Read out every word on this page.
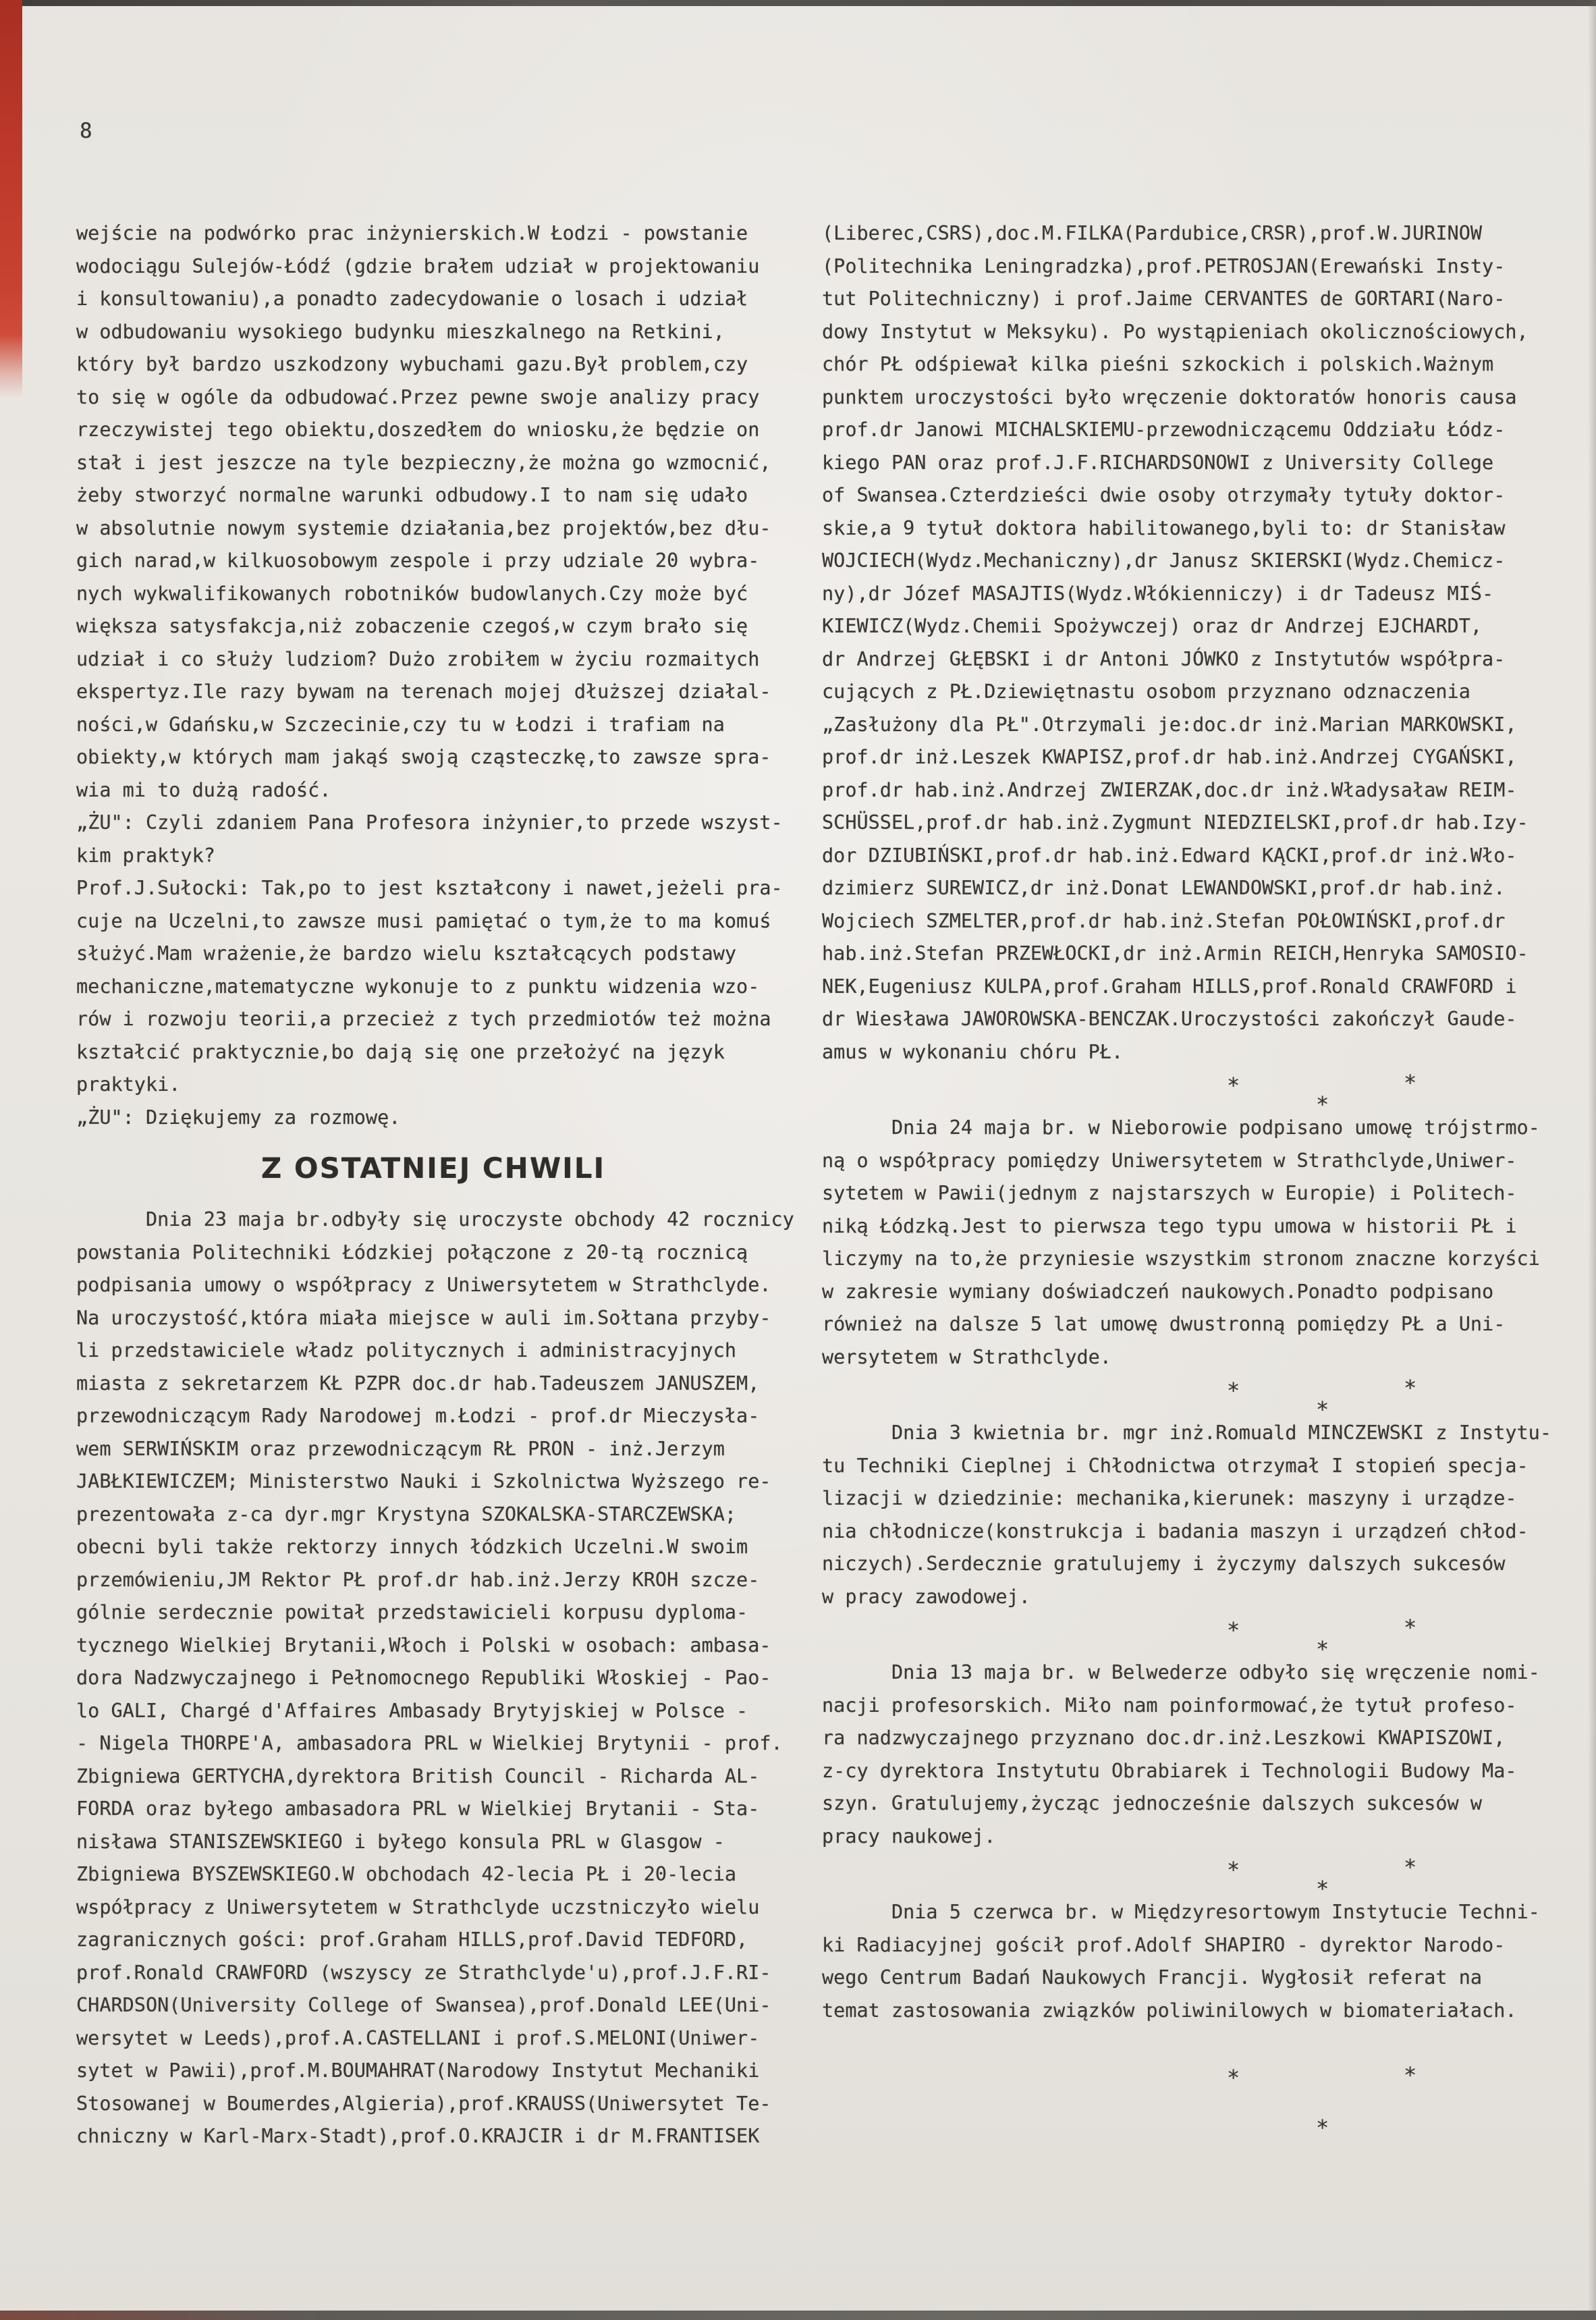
8
wejście na podwórko prac inżynierskich.W Łodzi - powstanie
wodociągu Sulejów-Łódź (gdzie brałem udział w projektowaniu
i konsultowaniu),a ponadto zadecydowanie o losach i udział
w odbudowaniu wysokiego budynku mieszkalnego na Retkini,
który był bardzo uszkodzony wybuchami gazu.Był problem,czy
to się w ogóle da odbudować.Przez pewne swoje analizy pracy
rzeczywistej tego obiektu,doszedłem do wniosku,że będzie on
stał i jest jeszcze na tyle bezpieczny,że można go wzmocnić,
żeby stworzyć normalne warunki odbudowy.I to nam się udało
w absolutnie nowym systemie działania,bez projektów,bez dłu-
gich narad,w kilkuosobowym zespole i przy udziale 20 wybra-
nych wykwalifikowanych robotników budowlanych.Czy może być
większa satysfakcja,niż zobaczenie czegoś,w czym brało się
udział i co służy ludziom? Dużo zrobiłem w życiu rozmaitych
ekspertyz.Ile razy bywam na terenach mojej dłuższej działal-
ności,w Gdańsku,w Szczecinie,czy tu w Łodzi i trafiam na
obiekty,w których mam jakąś swoją cząsteczkę,to zawsze spra-
wia mi to dużą radość.
„ŻU": Czyli zdaniem Pana Profesora inżynier,to przede wszyst-
kim praktyk?
Prof.J.Sułocki: Tak,po to jest kształcony i nawet,jeżeli pra-
cuje na Uczelni,to zawsze musi pamiętać o tym,że to ma komuś
służyć.Mam wrażenie,że bardzo wielu kształcących podstawy
mechaniczne,matematyczne wykonuje to z punktu widzenia wzo-
rów i rozwoju teorii,a przecież z tych przedmiotów też można
kształcić praktycznie,bo dają się one przełożyć na język
praktyki.
„ŻU": Dziękujemy za rozmowę.
Z OSTATNIEJ CHWILI
Dnia 23 maja br.odbyły się uroczyste obchody 42 rocznicy
powstania Politechniki Łódzkiej połączone z 20-tą rocznicą
podpisania umowy o współpracy z Uniwersytetem w Strathclyde.
Na uroczystość,która miała miejsce w auli im.Sołtana przyby-
li przedstawiciele władz politycznych i administracyjnych
miasta z sekretarzem KŁ PZPR doc.dr hab.Tadeuszem JANUSZEM,
przewodniczącym Rady Narodowej m.Łodzi - prof.dr Mieczysła-
wem SERWIŃSKIM oraz przewodniczącym RŁ PRON - inż.Jerzym
JABŁKIEWICZEM; Ministerstwo Nauki i Szkolnictwa Wyższego re-
prezentowała z-ca dyr.mgr Krystyna SZOKALSKA-STARCZEWSKA;
obecni byli także rektorzy innych łódzkich Uczelni.W swoim
przemówieniu,JM Rektor PŁ prof.dr hab.inż.Jerzy KROH szcze-
gólnie serdecznie powitał przedstawicieli korpusu dyploma-
tycznego Wielkiej Brytanii,Włoch i Polski w osobach: ambasa-
dora Nadzwyczajnego i Pełnomocnego Republiki Włoskiej - Pao-
lo GALI, Chargé d'Affaires Ambasady Brytyjskiej w Polsce -
- Nigela THORPE'A, ambasadora PRL w Wielkiej Brytynii - prof.
Zbigniewa GERTYCHA,dyrektora British Council - Richarda AL-
FORDA oraz byłego ambasadora PRL w Wielkiej Brytanii - Sta-
nisława STANISZEWSKIEGO i byłego konsula PRL w Glasgow -
Zbigniewa BYSZEWSKIEGO.W obchodach 42-lecia PŁ i 20-lecia
współpracy z Uniwersytetem w Strathclyde uczstniczyło wielu
zagranicznych gości: prof.Graham HILLS,prof.David TEDFORD,
prof.Ronald CRAWFORD (wszyscy ze Strathclyde'u),prof.J.F.RI-
CHARDSON(University College of Swansea),prof.Donald LEE(Uni-
wersytet w Leeds),prof.A.CASTELLANI i prof.S.MELONI(Uniwer-
sytet w Pawii),prof.M.BOUMAHRAT(Narodowy Instytut Mechaniki
Stosowanej w Boumerdes,Algieria),prof.KRAUSS(Uniwersytet Te-
chniczny w Karl-Marx-Stadt),prof.O.KRAJCIR i dr M.FRANTISEK
(Liberec,CSRS),doc.M.FILKA(Pardubice,CRSR),prof.W.JURINOW
(Politechnika Leningradzka),prof.PETROSJAN(Erewański Insty-
tut Politechniczny) i prof.Jaime CERVANTES de GORTARI(Naro-
dowy Instytut w Meksyku). Po wystąpieniach okolicznościowych,
chór PŁ odśpiewał kilka pieśni szkockich i polskich.Ważnym
punktem uroczystości było wręczenie doktoratów honoris causa
prof.dr Janowi MICHALSKIEMU-przewodniczącemu Oddziału Łódz-
kiego PAN oraz prof.J.F.RICHARDSONOWI z University College
of Swansea.Czterdzieści dwie osoby otrzymały tytuły doktor-
skie,a 9 tytuł doktora habilitowanego,byli to: dr Stanisław
WOJCIECH(Wydz.Mechaniczny),dr Janusz SKIERSKI(Wydz.Chemicz-
ny),dr Józef MASAJTIS(Wydz.Włókienniczy) i dr Tadeusz MIŚ-
KIEWICZ(Wydz.Chemii Spożywczej) oraz dr Andrzej EJCHARDT,
dr Andrzej GŁĘBSKI i dr Antoni JÓWKO z Instytutów współpra-
cujących z PŁ.Dziewiętnastu osobom przyznano odznaczenia
„Zasłużony dla PŁ".Otrzymali je:doc.dr inż.Marian MARKOWSKI,
prof.dr inż.Leszek KWAPISZ,prof.dr hab.inż.Andrzej CYGAŃSKI,
prof.dr hab.inż.Andrzej ZWIERZAK,doc.dr inż.Władysaław REIM-
SCHÜSSEL,prof.dr hab.inż.Zygmunt NIEDZIELSKI,prof.dr hab.Izy-
dor DZIUBIŃSKI,prof.dr hab.inż.Edward KĄCKI,prof.dr inż.Wło-
dzimierz SUREWICZ,dr inż.Donat LEWANDOWSKI,prof.dr hab.inż.
Wojciech SZMELTER,prof.dr hab.inż.Stefan POŁOWIŃSKI,prof.dr
hab.inż.Stefan PRZEWŁOCKI,dr inż.Armin REICH,Henryka SAMOSIO-
NEK,Eugeniusz KULPA,prof.Graham HILLS,prof.Ronald CRAWFORD i
dr Wiesława JAWOROWSKA-BENCZAK.Uroczystości zakończył Gaude-
amus w wykonaniu chóru PŁ.
*	*
*
Dnia 24 maja br. w Nieborowie podpisano umowę trójstrmo-
ną o współpracy pomiędzy Uniwersytetem w Strathclyde,Uniwer-
sytetem w Pawii(jednym z najstarszych w Europie) i Politech-
niką Łódzką.Jest to pierwsza tego typu umowa w historii PŁ i
liczymy na to,że przyniesie wszystkim stronom znaczne korzyści
w zakresie wymiany doświadczeń naukowych.Ponadto podpisano
również na dalsze 5 lat umowę dwustronną pomiędzy PŁ a Uni-
wersytetem w Strathclyde.
*	*
*
Dnia 3 kwietnia br. mgr inż.Romuald MINCZEWSKI z Instytu-
tu Techniki Cieplnej i Chłodnictwa otrzymał I stopień specja-
lizacji w dziedzinie: mechanika,kierunek: maszyny i urządze-
nia chłodnicze(konstrukcja i badania maszyn i urządzeń chłod-
niczych).Serdecznie gratulujemy i życzymy dalszych sukcesów
w pracy zawodowej.
*	*
*
Dnia 13 maja br. w Belwederze odbyło się wręczenie nomi-
nacji profesorskich. Miło nam poinformować,że tytuł profeso-
ra nadzwyczajnego przyznano doc.dr.inż.Leszkowi KWAPISZOWI,
z-cy dyrektora Instytutu Obrabiarek i Technologii Budowy Ma-
szyn. Gratulujemy,życząc jednocześnie dalszych sukcesów w
pracy naukowej.
*	*
*
Dnia 5 czerwca br. w Międzyresortowym Instytucie Techni-
ki Radiacyjnej gościł prof.Adolf SHAPIRO - dyrektor Narodo-
wego Centrum Badań Naukowych Francji. Wygłosił referat na
temat zastosowania związków poliwinilowych w biomateriałach.
*	*
*
